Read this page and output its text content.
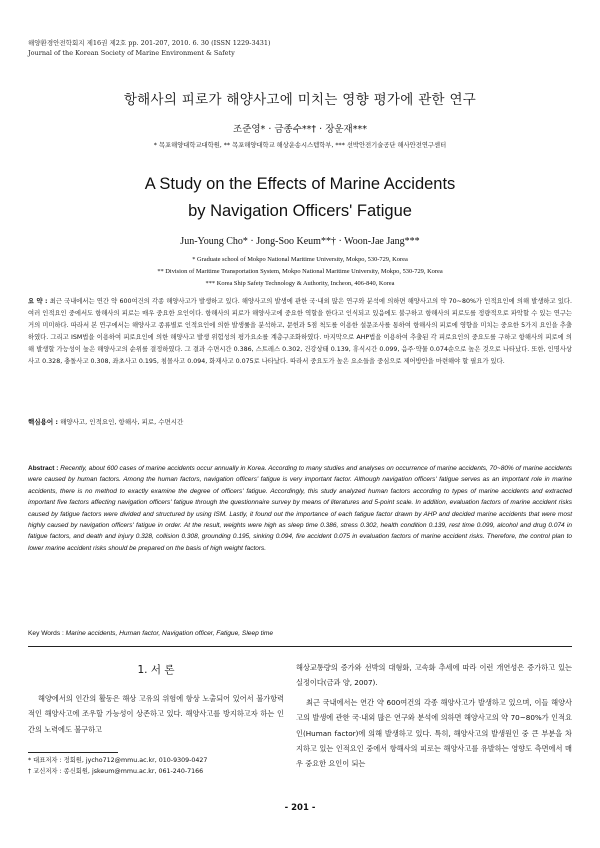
해양환경안전학회지 제16권 제2호 pp. 201-207, 2010. 6. 30 (ISSN 1229-3431)
Journal of the Korean Society of Marine Environment & Safety
항해사의 피로가 해양사고에 미치는 영향 평가에 관한 연구
조준영* · 금종수**† · 장운재***
* 목포해양대학교대학원, ** 목포해양대학교 해상운송시스템학부, *** 선박안전기술공단 해사안전연구센터
A Study on the Effects of Marine Accidents
by Navigation Officers' Fatigue
Jun-Young Cho* · Jong-Soo Keum**† · Woon-Jae Jang***
* Graduate school of Mokpo National Maritime University, Mokpo, 530-729, Korea
** Division of Maritime Transportation System, Mokpo National Maritime University, Mokpo, 530-729, Korea
*** Korea Ship Safety Technology & Authority, Incheon, 406-840, Korea
요 약 : 최근 국내에서는 연간 약 600여건의 각종 해양사고가 발생하고 있다. 해양사고의 발생에 관한 국·내외 많은 연구와 분석에 의하면 해양사고의 약 70~80%가 인적요인에 의해 발생하고 있다. 여러 인적요인 중에서도 항해사의 피로는 매우 중요한 요인이다. 항해사의 피로가 해양사고에 중요한 역할을 한다고 인식되고 있음에도 불구하고 항해사의 피로도를 정량적으로 파악할 수 있는 연구는 거의 미미하다. 따라서 본 연구에서는 해양사고 종류별로 인적요인에 의한 발생률을 분석하고, 문헌과 5점 척도를 이용한 설문조사를 통하여 항해사의 피로에 영향을 미치는 중요한 5가지 요인을 추출하였다. 그리고 ISM법을 이용하여 피로요인에 의한 해양사고 발생 위험성의 평가요소를 계층구조화하였다. 마지막으로 AHP법을 이용하여 추출된 각 피로요인의 중요도를 구하고 항해사의 피로에 의해 발생할 가능성이 높은 해양사고의 순위를 결정하였다. 그 결과 수면시간 0.386, 스트레스 0.302, 건강상태 0.139, 휴식시간 0.099, 음주·약물 0.074순으로 높은 것으로 나타났다. 또한, 인명사상사고 0.328, 충돌사고 0.308, 좌초사고 0.195, 침몰사고 0.094, 화재사고 0.075로 나타났다. 따라서 중요도가 높은 요소들을 중심으로 제어방안을 마련해야 할 필요가 있다.
핵심용어 : 해양사고, 인적요인, 항해사, 피로, 수면시간
Abstract : Recently, about 600 cases of marine accidents occur annually in Korea. According to many studies and analyses on occurrence of marine accidents, 70~80% of marine accidents were caused by human factors. Among the human factors, navigation officers' fatigue is very important factor. Although navigation officers' fatigue serves as an important role in marine accidents, there is no method to exactly examine the degree of officers' fatigue. Accordingly, this study analyzed human factors according to types of marine accidents and extracted important five factors affecting navigation officers' fatigue through the questionnaire survey by means of literatures and 5-point scale. In addition, evaluation factors of marine accident risks caused by fatigue factors were divided and structured by using ISM. Lastly, it found out the importance of each fatigue factor drawn by AHP and decided marine accidents that were most highly caused by navigation officers' fatigue in order. At the result, weights were high as sleep time 0.386, stress 0.302, health condition 0.139, rest time 0.099, alcohol and drug 0.074 in fatigue factors, and death and injury 0.328, collision 0.308, grounding 0.195, sinking 0.094, fire accident 0.075 in evaluation factors of marine accident risks. Therefore, the control plan to lower marine accident risks should be prepared on the basis of high weight factors.
Key Words : Marine accidents, Human factor, Navigation officer, Fatigue, Sleep time
1. 서 론

해양에서의 인간의 활동은 해상 고유의 위험에 항상 노출되어 있어서 불가항력적인 해양사고에 조우할 가능성이 상존하고 있다. 해양사고를 방지하고자 하는 인간의 노력에도 불구하고

해상교통량의 증가와 선박의 대형화, 고속화 추세에 따라 이런 개연성은 증가하고 있는 실정이다(금과 양, 2007).

최근 국내에서는 연간 약 600여건의 각종 해양사고가 발생하고 있으며, 이들 해양사고의 발생에 관한 국·내외 많은 연구와 분석에 의하면 해양사고의 약 70~80%가 인적요인(Human factor)에 의해 발생하고 있다. 특히, 해양사고의 발생원인 중 큰 부분을 차지하고 있는 인적요인 중에서 항해사의 피로는 해양사고를 유발하는 영향도 측면에서 매우 중요한 요인이 되는

* 대표저자 : 정회원, jycho712@mmu.ac.kr, 010-9309-0427
† 교신저자 : 종신회원, jskeum@mmu.ac.kr, 061-240-7166
- 201 -
